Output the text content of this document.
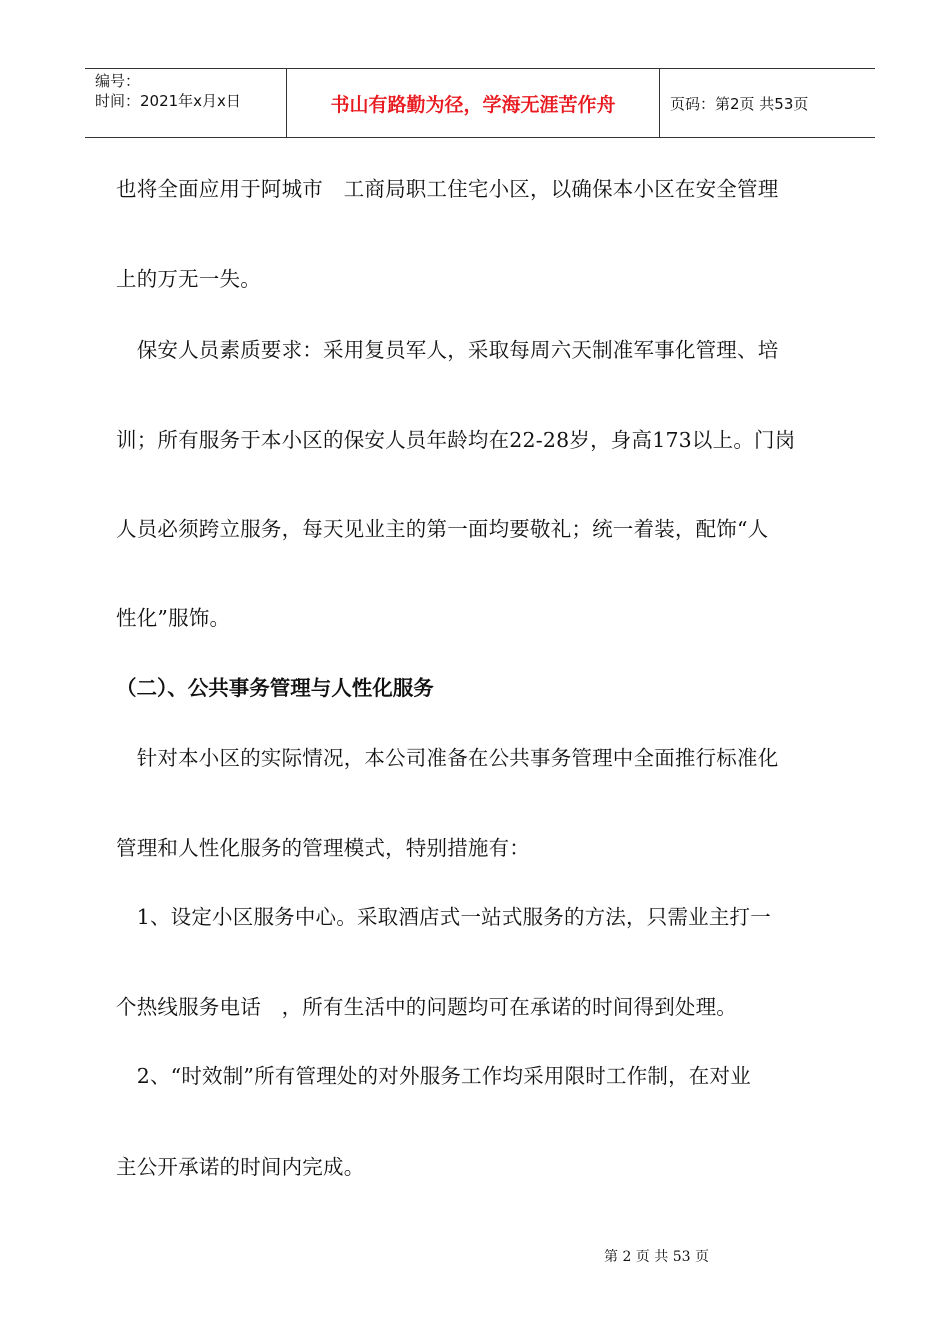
编号：
时间：2021年x月x日	书山有路勤为径，学海无涯苦作舟	页码：第2页 共53页
也将全面应用于阿城市　工商局职工住宅小区，以确保本小区在安全管理
上的万无一失。
　保安人员素质要求：采用复员军人，采取每周六天制准军事化管理、培
训；所有服务于本小区的保安人员年龄均在22-28岁，身高173以上。门岗
人员必须跨立服务，每天见业主的第一面均要敬礼；统一着装，配饰“人
性化”服饰。
（二）、公共事务管理与人性化服务
　针对本小区的实际情况，本公司准备在公共事务管理中全面推行标准化
管理和人性化服务的管理模式，特别措施有：
　1、设定小区服务中心。采取酒店式一站式服务的方法，只需业主打一
个热线服务电话　，所有生活中的问题均可在承诺的时间得到处理。
　2、“时效制”所有管理处的对外服务工作均采用限时工作制，在对业
主公开承诺的时间内完成。
第 2 页 共 53 页
